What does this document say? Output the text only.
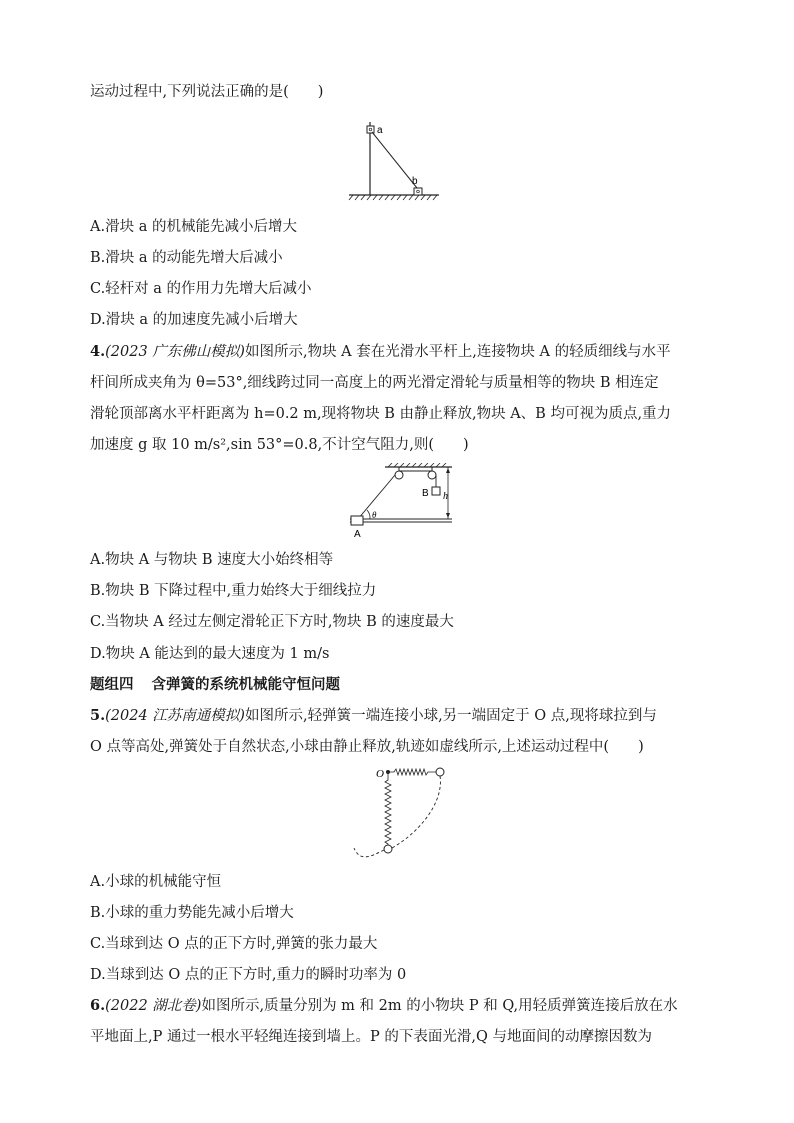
运动过程中,下列说法正确的是(　　)
a
b
A.滑块 a 的机械能先减小后增大
B.滑块 a 的动能先增大后减小
C.轻杆对 a 的作用力先增大后减小
D.滑块 a 的加速度先减小后增大
4.(2023 广东佛山模拟)如图所示,物块 A 套在光滑水平杆上,连接物块 A 的轻质细线与水平
杆间所成夹角为 θ=53°,细线跨过同一高度上的两光滑定滑轮与质量相等的物块 B 相连定
滑轮顶部离水平杆距离为 h=0.2 m,现将物块 B 由静止释放,物块 A、B 均可视为质点,重力
加速度 g 取 10 m/s²,sin 53°=0.8,不计空气阻力,则(　　)
B h
θ
A
A.物块 A 与物块 B 速度大小始终相等
B.物块 B 下降过程中,重力始终大于细线拉力
C.当物块 A 经过左侧定滑轮正下方时,物块 B 的速度最大
D.物块 A 能达到的最大速度为 1 m/s
题组四 含弹簧的系统机械能守恒问题
5.(2024 江苏南通模拟)如图所示,轻弹簧一端连接小球,另一端固定于 O 点,现将球拉到与
O 点等高处,弹簧处于自然状态,小球由静止释放,轨迹如虚线所示,上述运动过程中(　　)
O
A.小球的机械能守恒
B.小球的重力势能先减小后增大
C.当球到达 O 点的正下方时,弹簧的张力最大
D.当球到达 O 点的正下方时,重力的瞬时功率为 0
6.(2022 湖北卷)如图所示,质量分别为 m 和 2m 的小物块 P 和 Q,用轻质弹簧连接后放在水
平地面上,P 通过一根水平轻绳连接到墙上。P 的下表面光滑,Q 与地面间的动摩擦因数为
